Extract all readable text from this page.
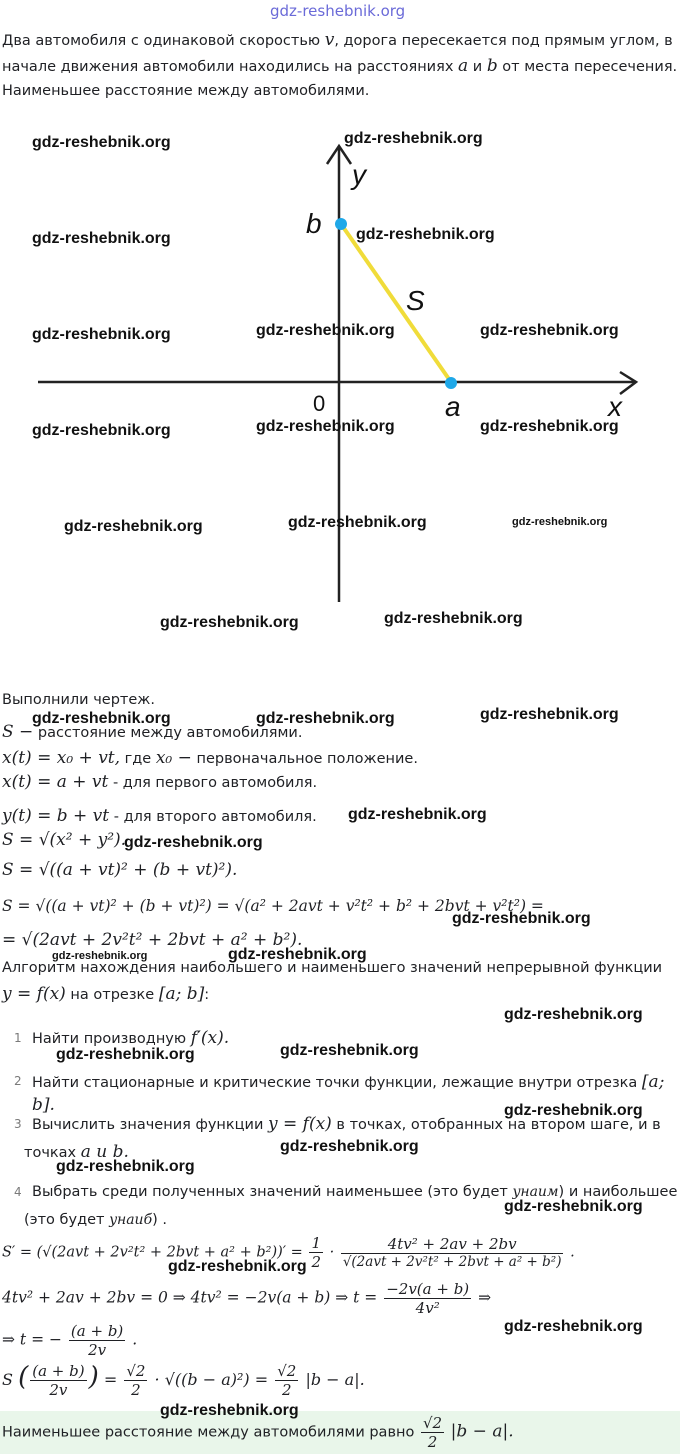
gdz-reshebnik.org
Два автомобиля с одинаковой скоростью v, дорога пересекается под прямым углом, в
начале движения автомобили находились на расстояниях a и b от места пересечения.
Наименьшее расстояние между автомобилями.
y
x
b
a
S
0
Выполнили чертеж.
S − расстояние между автомобилями.
x(t) = x₀ + vt, где x₀ − первоначальное положение.
x(t) = a + vt - для первого автомобиля.
y(t) = b + vt - для второго автомобиля.
S = √(x² + y²).
S = √((a + vt)² + (b + vt)²).
S = √((a + vt)² + (b + vt)²) = √(a² + 2avt + v²t² + b² + 2bvt + v²t²) =
= √(2avt + 2v²t² + 2bvt + a² + b²).
Алгоритм нахождения наибольшего и наименьшего значений непрерывной функции
y = f(x) на отрезке [a; b]:
1 Найти производную f′(x).
2 Найти стационарные и критические точки функции, лежащие внутри отрезка [a; b].
3 Вычислить значения функции y = f(x) в точках, отобранных на втором шаге, и в
точках a и b.
4 Выбрать среди полученных значений наименьшее (это будет yнаим) и наибольшее
(это будет yнаиб) .
$S' = (√(2avt + 2v^2t^2 + 2bvt + a^2 + b^2))' = \frac{1}{2} \cdot \frac{\text{4tv² + 2av + 2bv}}{\text{√(2avt + 2v²t² + 2bvt + a² + b²)}}$ .
4tv² + 2av + 2bv = 0 ⇒ 4tv² = −2v(a + b) ⇒ $t = \frac{-2v(a + b)}{\text{4v²}}$ ⇒
⇒ t = − $\frac{(a + b)}{2v}$ .
S ( $\frac{(a + b)}{2v}$ ) = $\frac{√2}{2} \cdot √((b - a)^2) = \frac{√2}{2} |b - a|$.
Наименьшее расстояние между автомобилями равно $\frac{√2}{2} |b - a|$.
gdz-reshebnik.org	gdz-reshebnik.org
gdz-reshebnik.org	gdz-reshebnik.org
gdz-reshebnik.org	gdz-reshebnik.org	gdz-reshebnik.org
gdz-reshebnik.org	gdz-reshebnik.org	gdz-reshebnik.org
gdz-reshebnik.org	gdz-reshebnik.org	gdz-reshebnik.org
gdz-reshebnik.org	gdz-reshebnik.org
gdz-reshebnik.org	gdz-reshebnik.org	gdz-reshebnik.org
gdz-reshebnik.org
gdz-reshebnik.org
gdz-reshebnik.org
gdz-reshebnik.org	gdz-reshebnik.org
gdz-reshebnik.org
gdz-reshebnik.org	gdz-reshebnik.org
gdz-reshebnik.org
gdz-reshebnik.org
gdz-reshebnik.org
gdz-reshebnik.org
gdz-reshebnik.org
gdz-reshebnik.org
gdz-reshebnik.org
